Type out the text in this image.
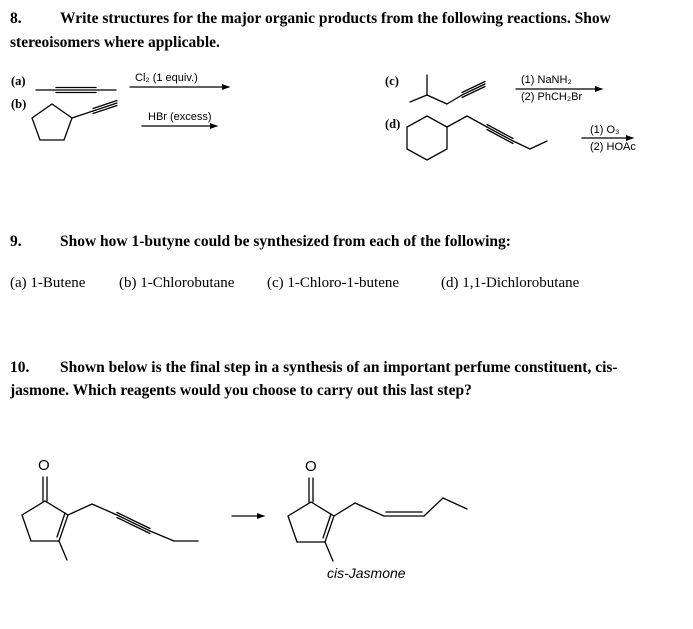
8. Write structures for the major organic products from the following reactions. Show
stereoisomers where applicable.
(a)	Cl₂ (1 equiv.)
(b)
HBr (excess)
(c)	(1) NaNH₂
(2) PhCH₂Br
(d)	(1) O₃
(2) HOAc
9. Show how 1-butyne could be synthesized from each of the following:
(a) 1-Butene (b) 1-Chlorobutane (c) 1-Chloro-1-butene	(d) 1,1-Dichlorobutane
10. Shown below is the final step in a synthesis of an important perfume constituent, cis-
jasmone. Which reagents would you choose to carry out this last step?
O	O
cis-Jasmone
